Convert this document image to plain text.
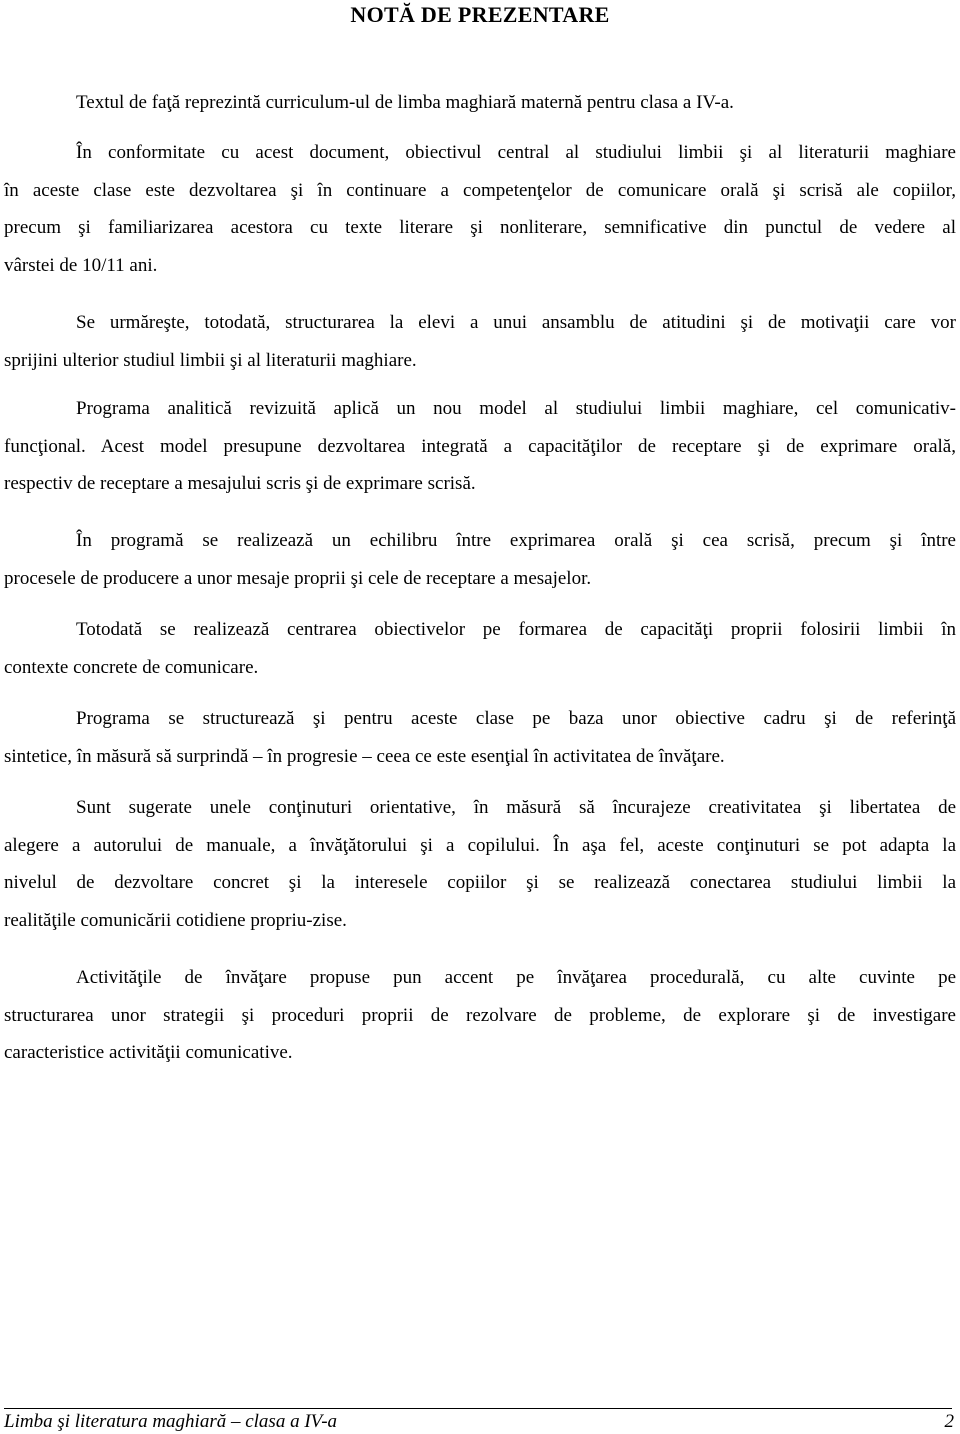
NOTĂ DE PREZENTARE
Textul de faţă reprezintă curriculum-ul de limba maghiară maternă pentru clasa a IV-a.
În conformitate cu acest document, obiectivul central al studiului limbii şi al literaturii maghiare
în aceste clase este dezvoltarea şi în continuare a competenţelor de comunicare orală şi scrisă ale copiilor,
precum şi familiarizarea acestora cu texte literare şi nonliterare, semnificative din punctul de vedere al
vârstei de 10/11 ani.
Se urmăreşte, totodată, structurarea la elevi a unui ansamblu de atitudini şi de motivaţii care vor
sprijini ulterior studiul limbii şi al literaturii maghiare.
Programa analitică revizuită aplică un nou model al studiului limbii maghiare, cel comunicativ-
funcţional. Acest model presupune dezvoltarea integrată a capacităţilor de receptare şi de exprimare orală,
respectiv de receptare a mesajului scris şi de exprimare scrisă.
În programă se realizează un echilibru între exprimarea orală şi cea scrisă, precum şi între
procesele de producere a unor mesaje proprii şi cele de receptare a mesajelor.
Totodată se realizează centrarea obiectivelor pe formarea de capacităţi proprii folosirii limbii în
contexte concrete de comunicare.
Programa se structurează şi pentru aceste clase pe baza unor obiective cadru şi de referinţă
sintetice, în măsură să surprindă – în progresie – ceea ce este esenţial în activitatea de învăţare.
Sunt sugerate unele conţinuturi orientative, în măsură să încurajeze creativitatea şi libertatea de
alegere a autorului de manuale, a învăţătorului şi a copilului. În aşa fel, aceste conţinuturi se pot adapta la
nivelul de dezvoltare concret şi la interesele copiilor şi se realizează conectarea studiului limbii la
realităţile comunicării cotidiene propriu-zise.
Activităţile de învăţare propuse pun accent pe învăţarea procedurală, cu alte cuvinte pe
structurarea unor strategii şi proceduri proprii de rezolvare de probleme, de explorare şi de investigare
caracteristice activităţii comunicative.
Limba şi literatura maghiară – clasa a IV-a	2
